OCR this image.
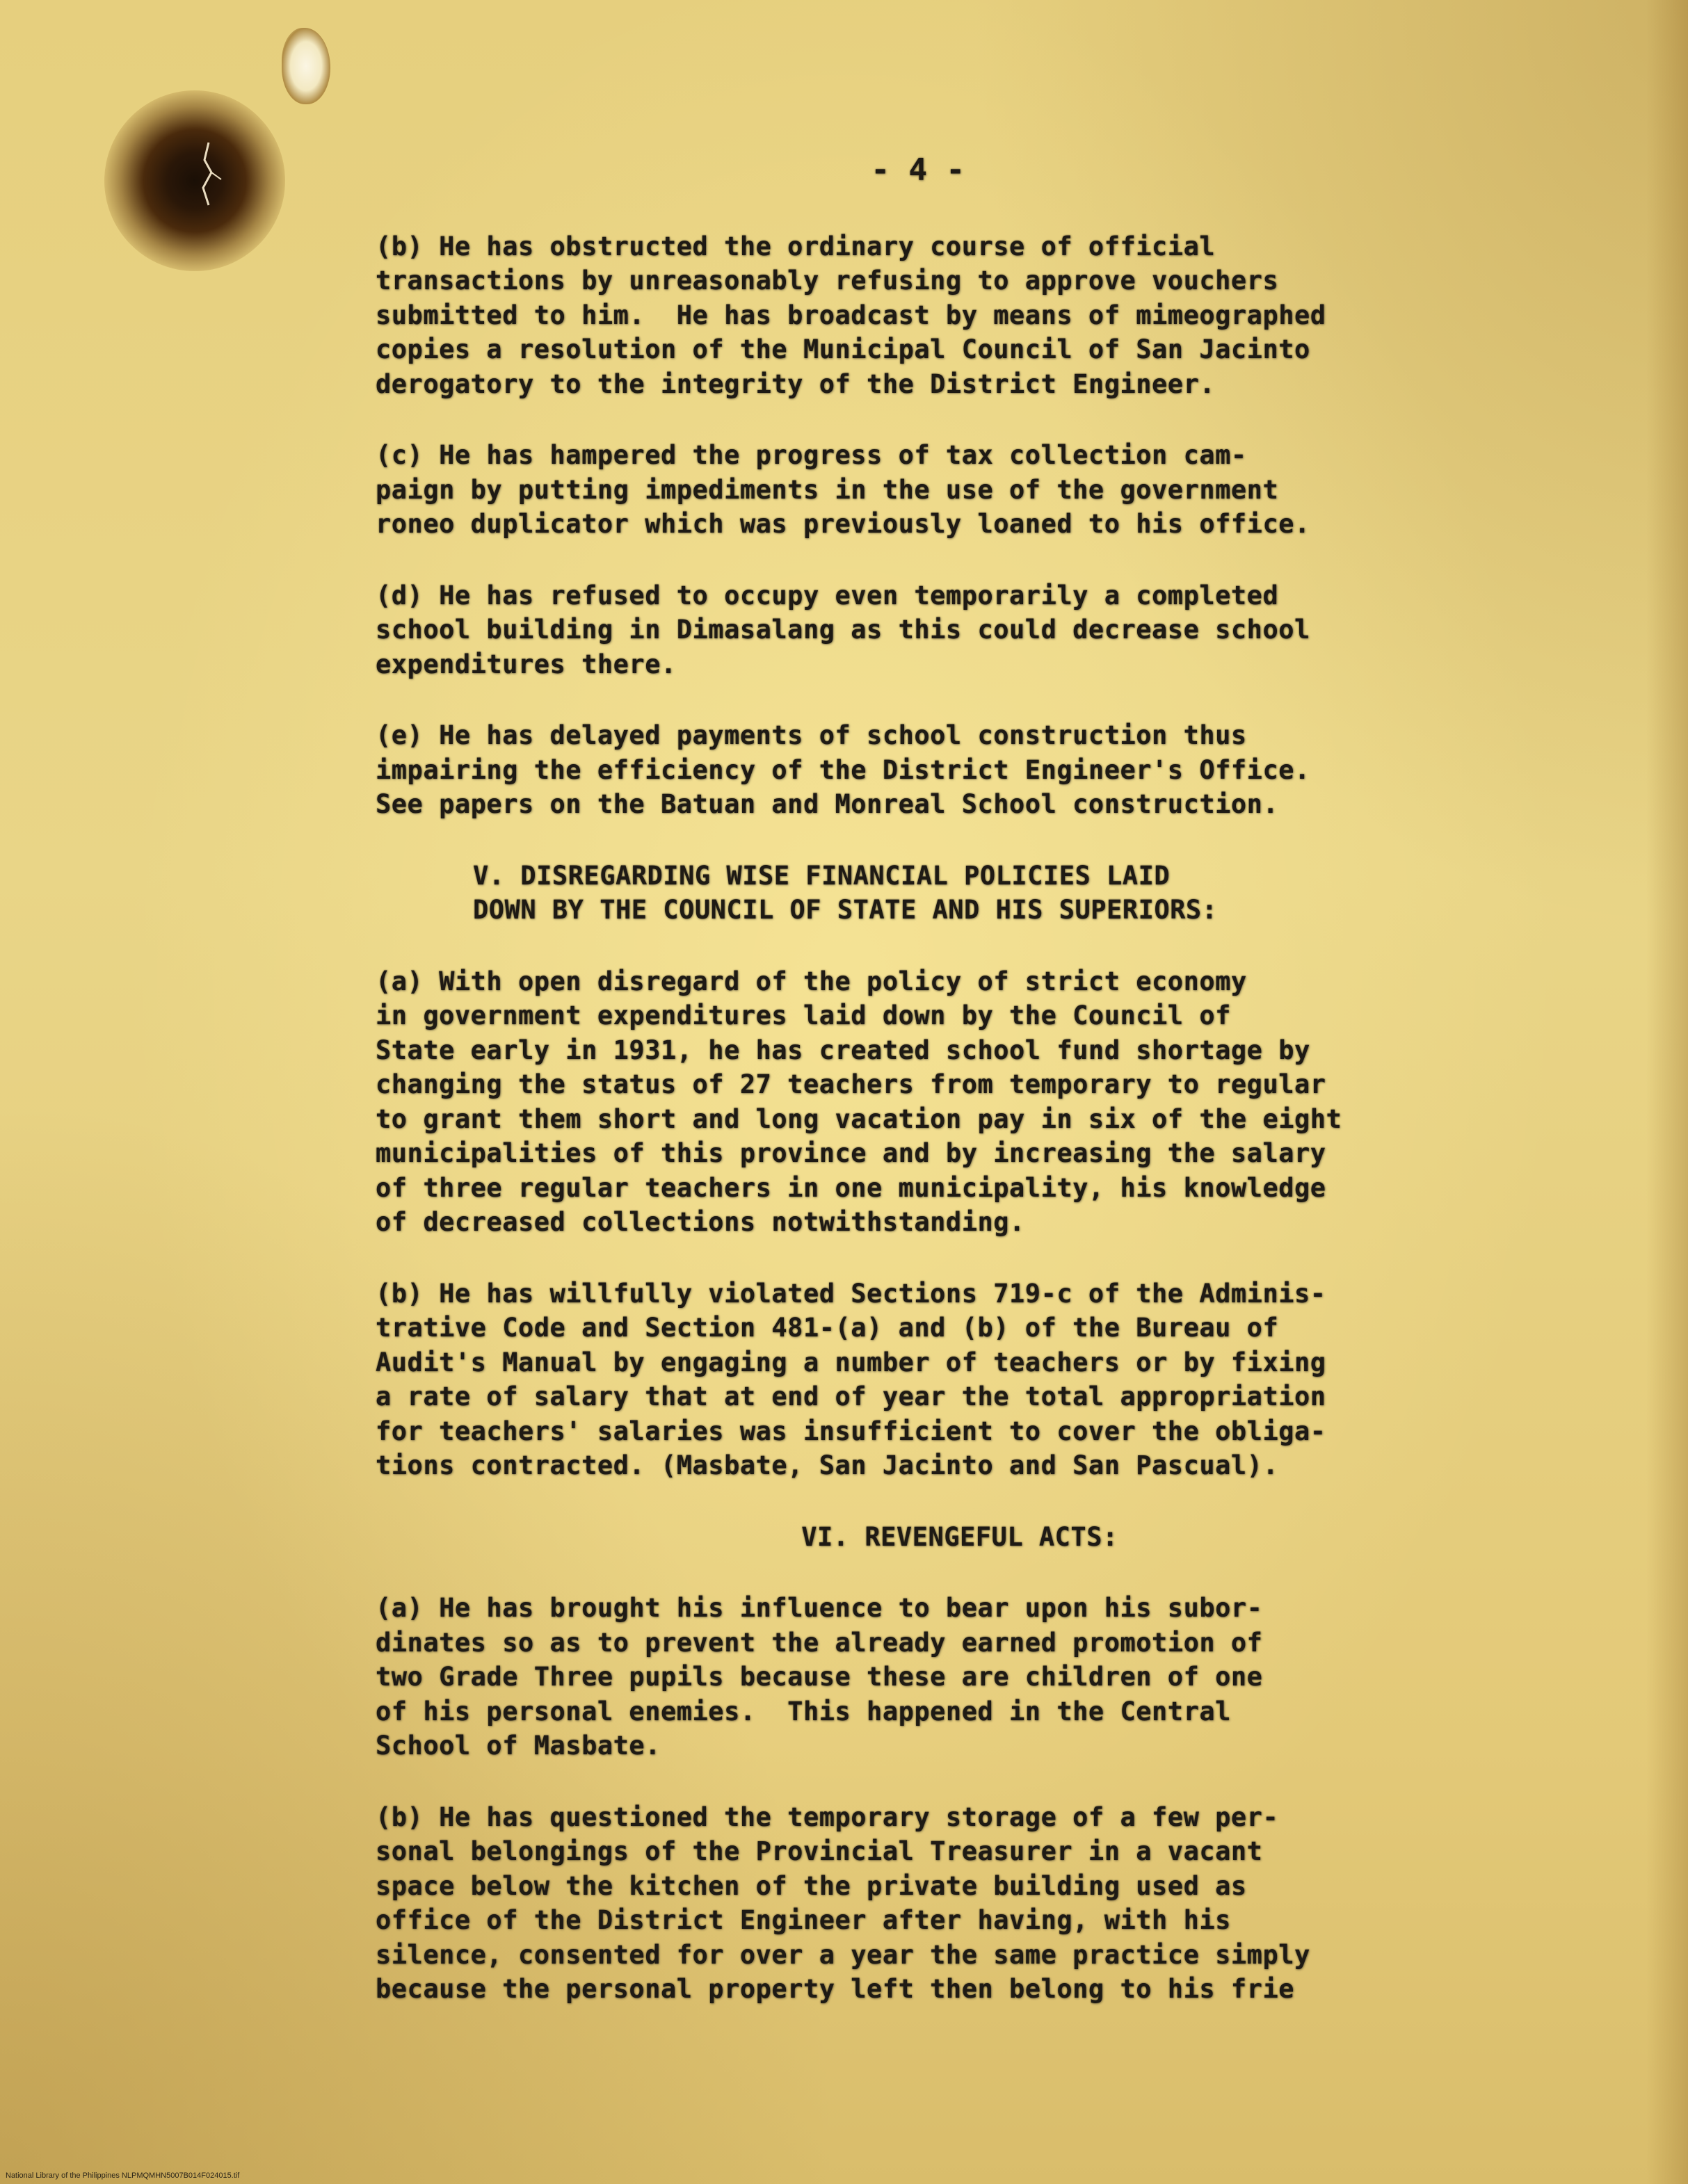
- 4 -
(b) He has obstructed the ordinary course of official
transactions by unreasonably refusing to approve vouchers
submitted to him.  He has broadcast by means of mimeographed
copies a resolution of the Municipal Council of San Jacinto
derogatory to the integrity of the District Engineer.
(c) He has hampered the progress of tax collection cam-
paign by putting impediments in the use of the government
roneo duplicator which was previously loaned to his office.
(d) He has refused to occupy even temporarily a completed
school building in Dimasalang as this could decrease school
expenditures there.
(e) He has delayed payments of school construction thus
impairing the efficiency of the District Engineer's Office.
See papers on the Batuan and Monreal School construction.
V. DISREGARDING WISE FINANCIAL POLICIES LAID
DOWN BY THE COUNCIL OF STATE AND HIS SUPERIORS:
(a) With open disregard of the policy of strict economy
in government expenditures laid down by the Council of
State early in 1931, he has created school fund shortage by
changing the status of 27 teachers from temporary to regular
to grant them short and long vacation pay in six of the eight
municipalities of this province and by increasing the salary
of three regular teachers in one municipality, his knowledge
of decreased collections notwithstanding.
(b) He has willfully violated Sections 719-c of the Adminis-
trative Code and Section 481-(a) and (b) of the Bureau of
Audit's Manual by engaging a number of teachers or by fixing
a rate of salary that at end of year the total appropriation
for teachers' salaries was insufficient to cover the obliga-
tions contracted. (Masbate, San Jacinto and San Pascual).
VI. REVENGEFUL ACTS:
(a) He has brought his influence to bear upon his subor-
dinates so as to prevent the already earned promotion of
two Grade Three pupils because these are children of one
of his personal enemies.  This happened in the Central
School of Masbate.
(b) He has questioned the temporary storage of a few per-
sonal belongings of the Provincial Treasurer in a vacant
space below the kitchen of the private building used as
office of the District Engineer after having, with his
silence, consented for over a year the same practice simply
because the personal property left then belong to his frie
National Library of the Philippines NLPMQMHN5007B014F024015.tif
